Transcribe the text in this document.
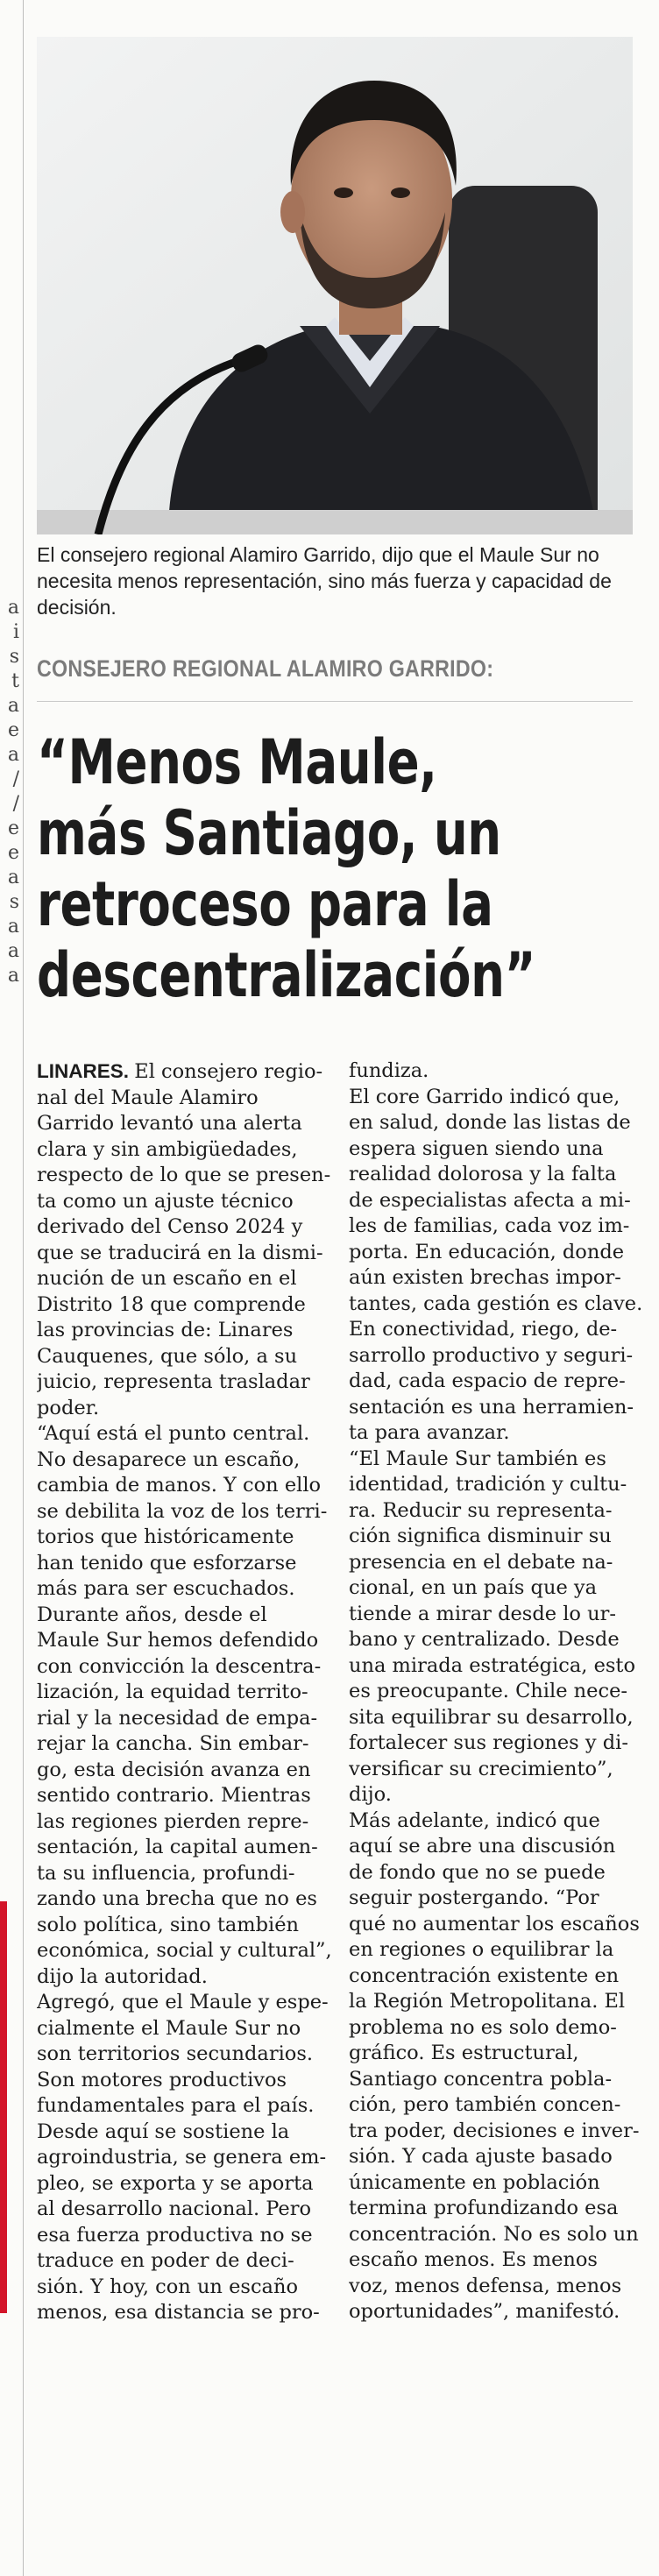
a
i
s
t
a
e
a
/
/
e
e
a
s
a
a
a
El consejero regional Alamiro Garrido, dijo que el Maule Sur no necesita menos representación, sino más fuerza y capacidad de decisión.
CONSEJERO REGIONAL ALAMIRO GARRIDO:
“Menos Maule,
más Santiago, un
retroceso para la
descentralización”
LINARES. El consejero regio-
nal del Maule Alamiro
Garrido levantó una alerta
clara y sin ambigüedades,
respecto de lo que se presen-
ta como un ajuste técnico
derivado del Censo 2024 y
que se traducirá en la dismi-
nución de un escaño en el
Distrito 18 que comprende
las provincias de: Linares
Cauquenes, que sólo, a su
juicio, representa trasladar
poder.
“Aquí está el punto central.
No desaparece un escaño,
cambia de manos. Y con ello
se debilita la voz de los terri-
torios que históricamente
han tenido que esforzarse
más para ser escuchados.
Durante años, desde el
Maule Sur hemos defendido
con convicción la descentra-
lización, la equidad territo-
rial y la necesidad de empa-
rejar la cancha. Sin embar-
go, esta decisión avanza en
sentido contrario. Mientras
las regiones pierden repre-
sentación, la capital aumen-
ta su influencia, profundi-
zando una brecha que no es
solo política, sino también
económica, social y cultural”,
dijo la autoridad.
Agregó, que el Maule y espe-
cialmente el Maule Sur no
son territorios secundarios.
Son motores productivos
fundamentales para el país.
Desde aquí se sostiene la
agroindustria, se genera em-
pleo, se exporta y se aporta
al desarrollo nacional. Pero
esa fuerza productiva no se
traduce en poder de deci-
sión. Y hoy, con un escaño
menos, esa distancia se pro-
fundiza.
El core Garrido indicó que,
en salud, donde las listas de
espera siguen siendo una
realidad dolorosa y la falta
de especialistas afecta a mi-
les de familias, cada voz im-
porta. En educación, donde
aún existen brechas impor-
tantes, cada gestión es clave.
En conectividad, riego, de-
sarrollo productivo y seguri-
dad, cada espacio de repre-
sentación es una herramien-
ta para avanzar.
“El Maule Sur también es
identidad, tradición y cultu-
ra. Reducir su representa-
ción significa disminuir su
presencia en el debate na-
cional, en un país que ya
tiende a mirar desde lo ur-
bano y centralizado. Desde
una mirada estratégica, esto
es preocupante. Chile nece-
sita equilibrar su desarrollo,
fortalecer sus regiones y di-
versificar su crecimiento”,
dijo.
Más adelante, indicó que
aquí se abre una discusión
de fondo que no se puede
seguir postergando. “Por
qué no aumentar los escaños
en regiones o equilibrar la
concentración existente en
la Región Metropolitana. El
problema no es solo demo-
gráfico. Es estructural,
Santiago concentra pobla-
ción, pero también concen-
tra poder, decisiones e inver-
sión. Y cada ajuste basado
únicamente en población
termina profundizando esa
concentración. No es solo un
escaño menos. Es menos
voz, menos defensa, menos
oportunidades”, manifestó.
